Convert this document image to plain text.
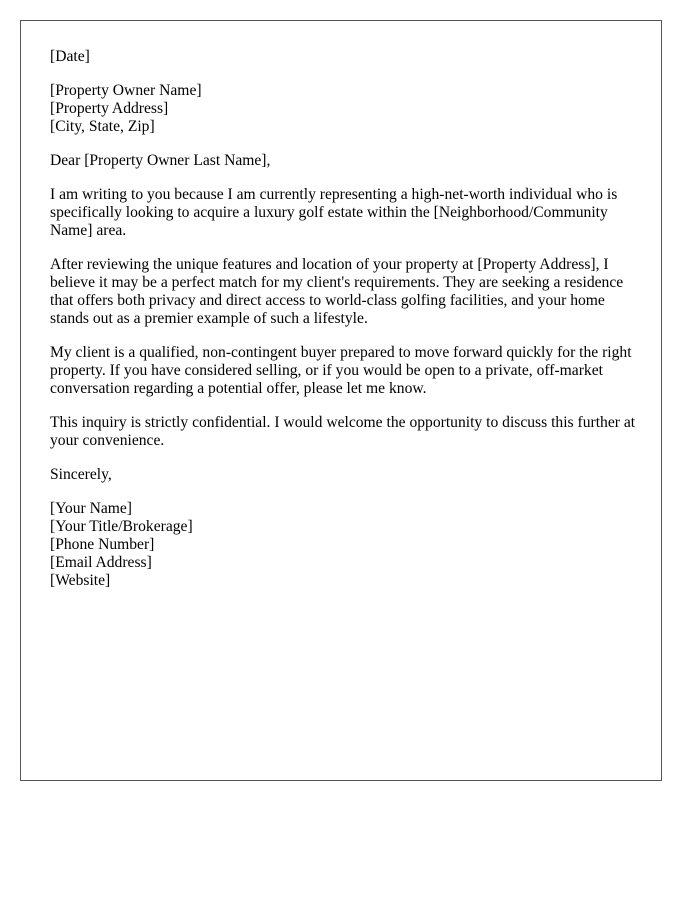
[Date]
[Property Owner Name]
[Property Address]
[City, State, Zip]
Dear [Property Owner Last Name],

I am writing to you because I am currently representing a high-net-worth individual who is specifically looking to acquire a luxury golf estate within the [Neighborhood/Community Name] area.

After reviewing the unique features and location of your property at [Property Address], I believe it may be a perfect match for my client's requirements. They are seeking a residence that offers both privacy and direct access to world-class golfing facilities, and your home stands out as a premier example of such a lifestyle.

My client is a qualified, non-contingent buyer prepared to move forward quickly for the right property. If you have considered selling, or if you would be open to a private, off-market conversation regarding a potential offer, please let me know.

This inquiry is strictly confidential. I would welcome the opportunity to discuss this further at your convenience.

Sincerely,
[Your Name]
[Your Title/Brokerage]
[Phone Number]
[Email Address]
[Website]
